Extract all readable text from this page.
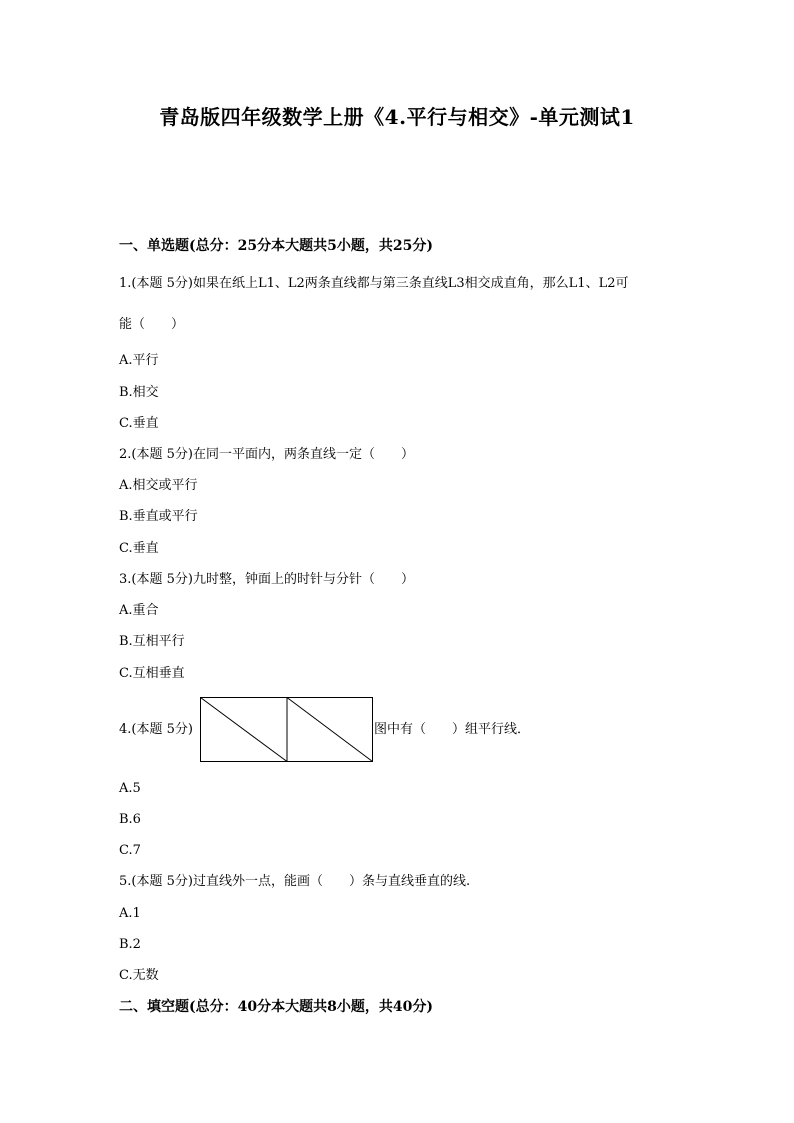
青岛版四年级数学上册《4.平行与相交》-单元测试1
一、单选题(总分：25分本大题共5小题，共25分)
1.(本题 5分)如果在纸上L1、L2两条直线都与第三条直线L3相交成直角，那么L1、L2可
能（　　）
A.平行
B.相交
C.垂直
2.(本题 5分)在同一平面内，两条直线一定（　　）
A.相交或平行
B.垂直或平行
C.垂直
3.(本题 5分)九时整，钟面上的时针与分针（　　）
A.重合
B.互相平行
C.互相垂直
4.(本题 5分)	图中有（　　）组平行线．
A.5
B.6
C.7
5.(本题 5分)过直线外一点，能画（　　）条与直线垂直的线.
A.1
B.2
C.无数
二、填空题(总分：40分本大题共8小题，共40分)
